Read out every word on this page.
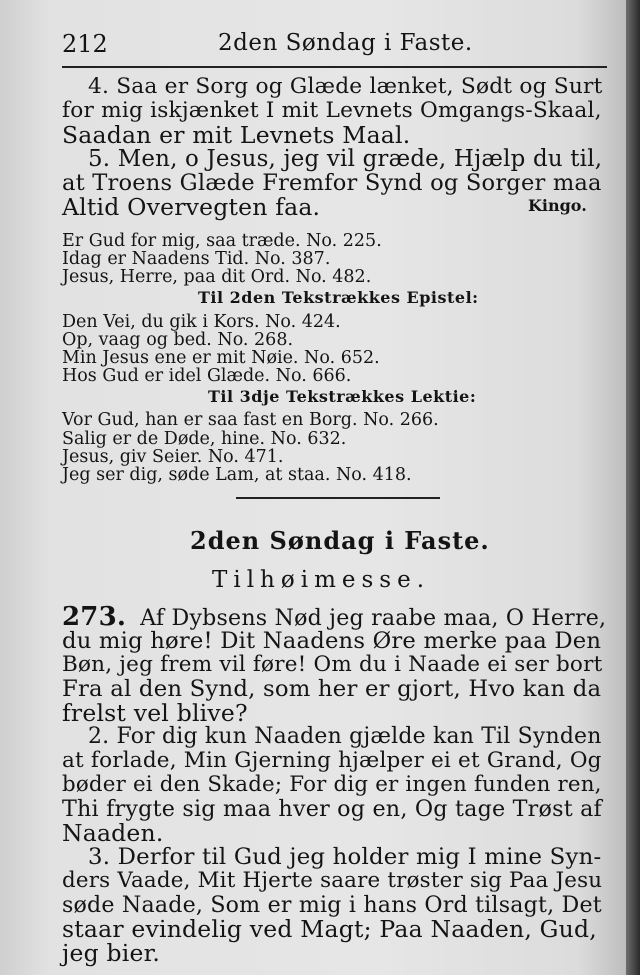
212	2den Søndag i Faste.
4. Saa er Sorg og Glæde lænket, Sødt og Surt
for mig iskjænket I mit Levnets Omgangs-Skaal,
Saadan er mit Levnets Maal.
5. Men, o Jesus, jeg vil græde, Hjælp du til,
at Troens Glæde Fremfor Synd og Sorger maa
Altid Overvegten faa.	Kingo.
Er Gud for mig, saa træde. No. 225.
Idag er Naadens Tid. No. 387.
Jesus, Herre, paa dit Ord. No. 482.
Til 2den Tekstrækkes Epistel:
Den Vei, du gik i Kors. No. 424.
Op, vaag og bed. No. 268.
Min Jesus ene er mit Nøie. No. 652.
Hos Gud er idel Glæde. No. 666.
Til 3dje Tekstrækkes Lektie:
Vor Gud, han er saa fast en Borg. No. 266.
Salig er de Døde, hine. No. 632.
Jesus, giv Seier. No. 471.
Jeg ser dig, søde Lam, at staa. No. 418.
2den Søndag i Faste.
Tilhøimesse.
273. Af Dybsens Nød jeg raabe maa, O Herre,
du mig høre! Dit Naadens Øre merke paa Den
Bøn, jeg frem vil føre! Om du i Naade ei ser bort
Fra al den Synd, som her er gjort, Hvo kan da
frelst vel blive?
2. For dig kun Naaden gjælde kan Til Synden
at forlade, Min Gjerning hjælper ei et Grand, Og
bøder ei den Skade; For dig er ingen funden ren,
Thi frygte sig maa hver og en, Og tage Trøst af
Naaden.
3. Derfor til Gud jeg holder mig I mine Syn-
ders Vaade, Mit Hjerte saare trøster sig Paa Jesu
søde Naade, Som er mig i hans Ord tilsagt, Det
staar evindelig ved Magt; Paa Naaden, Gud,
jeg bier.
